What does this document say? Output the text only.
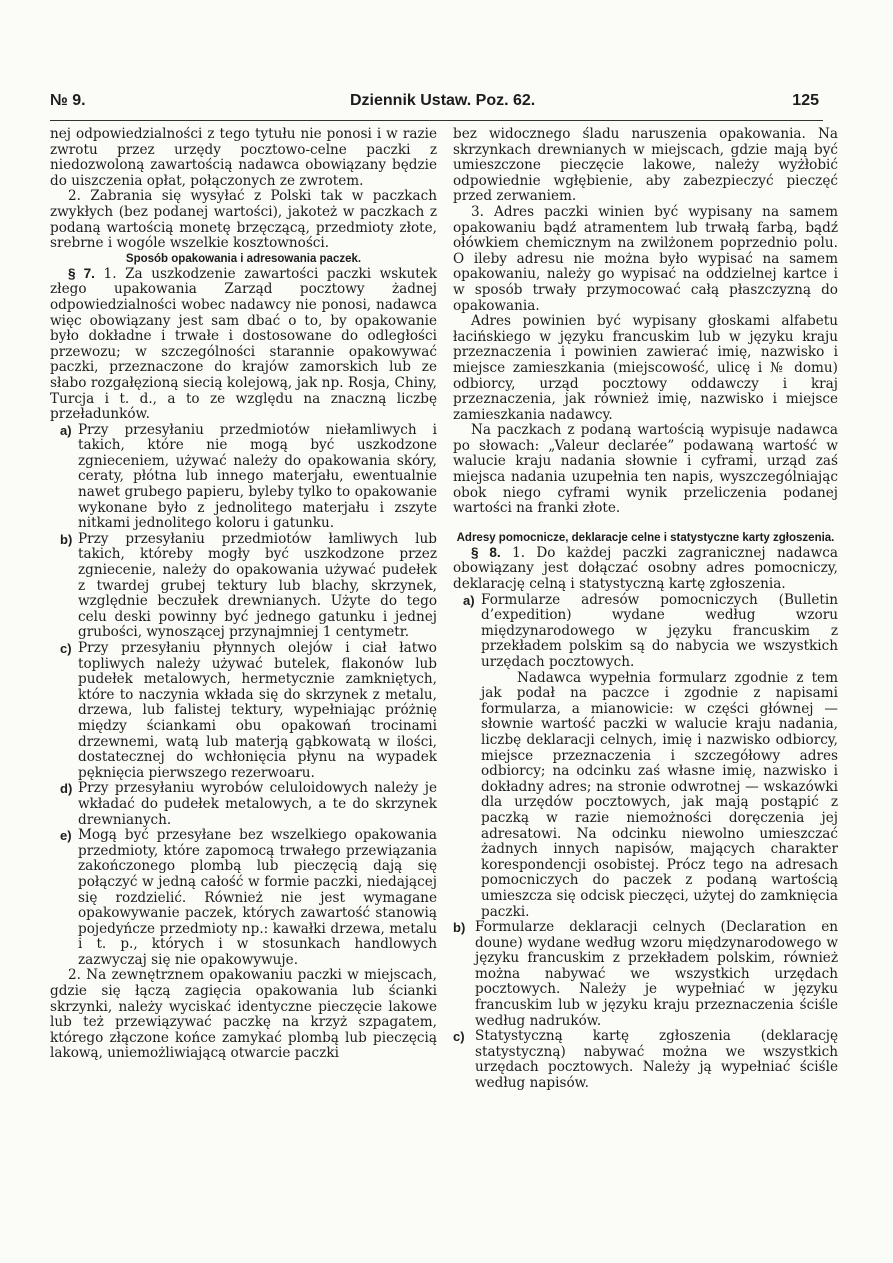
№ 9.	Dziennik Ustaw. Poz. 62.	125

nej odpowiedzialności z tego tytułu nie ponosi i w razie zwrotu przez urzędy pocztowo-celne paczki z niedozwoloną zawartością nadawca obowiązany będzie do uiszczenia opłat, połączonych ze zwrotem.

2. Zabrania się wysyłać z Polski tak w paczkach zwykłych (bez podanej wartości), jakoteż w paczkach z podaną wartością monetę brzęczącą, przedmioty złote, srebrne i wogóle wszelkie kosztowności.

Sposób opakowania i adresowania paczek.

§ 7. 1. Za uszkodzenie zawartości paczki wskutek złego upakowania Zarząd pocztowy żadnej odpowiedzialności wobec nadawcy nie ponosi, nadawca więc obowiązany jest sam dbać o to, by opakowanie było dokładne i trwałe i dostosowane do odległości przewozu; w szczególności starannie opakowywać paczki, przeznaczone do krajów zamorskich lub ze słabo rozgałęzioną siecią kolejową, jak np. Rosja, Chiny, Turcja i t. d., a to ze względu na znaczną liczbę przeładunków.

a) Przy przesyłaniu przedmiotów niełamliwych i takich, które nie mogą być uszkodzone zgnieceniem, używać należy do opakowania skóry, ceraty, płótna lub innego materjału, ewentualnie nawet grubego papieru, byleby tylko to opakowanie wykonane było z jednolitego materjału i zszyte nitkami jednolitego koloru i gatunku.
b) Przy przesyłaniu przedmiotów łamliwych lub takich, któreby mogły być uszkodzone przez zgniecenie, należy do opakowania używać pudełek z twardej grubej tektury lub blachy, skrzynek, względnie beczułek drewnianych. Użyte do tego celu deski powinny być jednego gatunku i jednej grubości, wynoszącej przynajmniej 1 centymetr.
c) Przy przesyłaniu płynnych olejów i ciał łatwo topliwych należy używać butelek, flakonów lub pudełek metalowych, hermetycznie zamkniętych, które to naczynia wkłada się do skrzynek z metalu, drzewa, lub falistej tektury, wypełniając próżnię między ściankami obu opakowań trocinami drzewnemi, watą lub materją gąbkowatą w ilości, dostatecznej do wchłonięcia płynu na wypadek pęknięcia pierwszego rezerwoaru.
d) Przy przesyłaniu wyrobów celuloidowych należy je wkładać do pudełek metalowych, a te do skrzynek drewnianych.
e) Mogą być przesyłane bez wszelkiego opakowania przedmioty, które zapomocą trwałego przewiązania zakończonego plombą lub pieczęcią dają się połączyć w jedną całość w formie paczki, niedającej się rozdzielić. Również nie jest wymagane opakowywanie paczek, których zawartość stanowią pojedyńcze przedmioty np.: kawałki drzewa, metalu i t. p., których i w stosunkach handlowych zazwyczaj się nie opakowywuje.

2. Na zewnętrznem opakowaniu paczki w miejscach, gdzie się łączą zagięcia opakowania lub ścianki skrzynki, należy wyciskać identyczne pieczęcie lakowe lub też przewiązywać paczkę na krzyż szpagatem, którego złączone końce zamykać plombą lub pieczęcią lakową, uniemożliwiającą otwarcie paczki

bez widocznego śladu naruszenia opakowania. Na skrzynkach drewnianych w miejscach, gdzie mają być umieszczone pieczęcie lakowe, należy wyżłobić odpowiednie wgłębienie, aby zabezpieczyć pieczęć przed zerwaniem.

3. Adres paczki winien być wypisany na samem opakowaniu bądź atramentem lub trwałą farbą, bądź ołówkiem chemicznym na zwilżonem poprzednio polu. O ileby adresu nie można było wypisać na samem opakowaniu, należy go wypisać na oddzielnej kartce i w sposób trwały przymocować całą płaszczyzną do opakowania.

Adres powinien być wypisany głoskami alfabetu łacińskiego w języku francuskim lub w języku kraju przeznaczenia i powinien zawierać imię, nazwisko i miejsce zamieszkania (miejscowość, ulicę i № domu) odbiorcy, urząd pocztowy oddawczy i kraj przeznaczenia, jak również imię, nazwisko i miejsce zamieszkania nadawcy.

Na paczkach z podaną wartością wypisuje nadawca po słowach: „Valeur declarée” podawaną wartość w walucie kraju nadania słownie i cyframi, urząd zaś miejsca nadania uzupełnia ten napis, wyszczególniając obok niego cyframi wynik przeliczenia podanej wartości na franki złote.

Adresy pomocnicze, deklaracje celne i statystyczne karty zgłoszenia.

§ 8. 1. Do każdej paczki zagranicznej nadawca obowiązany jest dołączać osobny adres pomocniczy, deklarację celną i statystyczną kartę zgłoszenia.

a) Formularze adresów pomocniczych (Bulletin d’expedition) wydane według wzoru międzynarodowego w języku francuskim z przekładem polskim są do nabycia we wszystkich urzędach pocztowych.

Nadawca wypełnia formularz zgodnie z tem jak podał na paczce i zgodnie z napisami formularza, a mianowicie: w części głównej — słownie wartość paczki w walucie kraju nadania, liczbę deklaracji celnych, imię i nazwisko odbiorcy, miejsce przeznaczenia i szczegółowy adres odbiorcy; na odcinku zaś własne imię, nazwisko i dokładny adres; na stronie odwrotnej — wskazówki dla urzędów pocztowych, jak mają postąpić z paczką w razie niemożności doręczenia jej adresatowi. Na odcinku niewolno umieszczać żadnych innych napisów, mających charakter korespondencji osobistej. Prócz tego na adresach pomocniczych do paczek z podaną wartością umieszcza się odcisk pieczęci, użytej do zamknięcia paczki.

b) Formularze deklaracji celnych (Declaration en doune) wydane według wzoru międzynarodowego w języku francuskim z przekładem polskim, również można nabywać we wszystkich urzędach pocztowych. Należy je wypełniać w języku francuskim lub w języku kraju przeznaczenia ściśle według nadruków.
c) Statystyczną kartę zgłoszenia (deklarację statystyczną) nabywać można we wszystkich urzędach pocztowych. Należy ją wypełniać ściśle według napisów.
